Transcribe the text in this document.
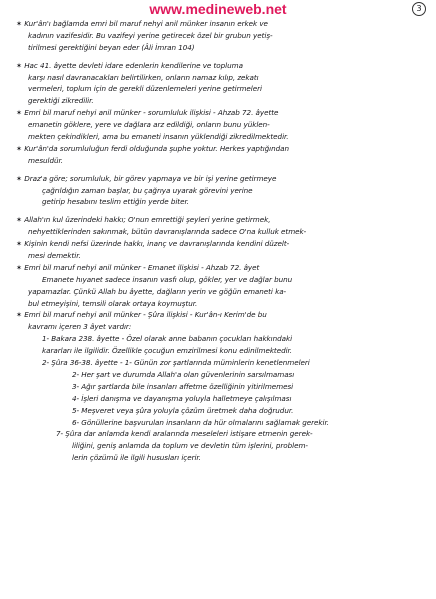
www.medineweb.net	3
✶ Kur'ân'ı bağlamda emri bil maruf nehyi anil münker insanın erkek ve
kadının vazifesidir. Bu vazifeyi yerine getirecek özel bir grubun yetiş-
tirilmesi gerektiğini beyan eder (Âli İmran 104)
✶ Hac 41. âyette devleti idare edenlerin kendilerine ve topluma
karşı nasıl davranacakları belirtilirken, onların namaz kılıp, zekatı
vermeleri, toplum için de gerekli düzenlemeleri yerine getirmeleri
gerektiği zikredilir.
✶ Emri bil maruf nehyi anil münker - sorumluluk ilişkisi - Ahzab 72. âyette
emanetin göklere, yere ve dağlara arz edildiği, onların bunu yüklen-
mekten çekindikleri, ama bu emaneti insanın yüklendiği zikredilmektedir.
✶ Kur'ân'da sorumluluğun ferdi olduğunda şuphe yoktur. Herkes yaptığından
mesuldür.
✶ Draz'a göre; sorumluluk, bir görev yapmaya ve bir işi yerine getirmeye
çağrıldığın zaman başlar, bu çağrıya uyarak görevini yerine
getirip hesabını teslim ettiğin yerde biter.
✶ Allah'ın kul üzerindeki hakkı; O'nun emrettiği şeyleri yerine getirmek,
nehyettiklerinden sakınmak, bütün davranışlarında sadece O'na kulluk etmek-
✶ Kişinin kendi nefsi üzerinde hakkı, inanç ve davranışlarında kendini düzelt-
mesi demektir.
✶ Emri bil maruf nehyi anil münker - Emanet ilişkisi - Ahzab 72. âyet
Emanete hıyanet sadece insanın vasfı olup, gökler, yer ve dağlar bunu
yapamazlar. Çünkü Allah bu âyette, dağların yerin ve göğün emaneti ka-
bul etmeyişini, temsili olarak ortaya koymuştur.
✶ Emri bil maruf nehyi anil münker - Şûra ilişkisi - Kur'ân-ı Kerim'de bu
kavramı içeren 3 âyet vardır:
1- Bakara 238. âyette - Özel olarak anne babanın çocukları hakkındaki
kararları ile ilgilidir. Özellikle çocuğun emzirilmesi konu edinilmektedir.
2- Şûra 36-38. âyette - 1- Günün zor şartlarında müminlerin kenetlenmeleri
2- Her şart ve durumda Allah'a olan güvenlerinin sarsılmaması
3- Ağır şartlarda bile insanları affetme özelliğinin yitirilmemesi
4- İşleri danışma ve dayanışma yoluyla halletmeye çalışılması
5- Meşveret veya şûra yoluyla çözüm üretmek daha doğrudur.
6- Gönüllerine başvurulan insanların da hür olmalarını sağlamak gerekir.
7- Şûra dar anlamda kendi aralarında meseleleri istişare etmenin gerek-
liliğini, geniş anlamda da toplum ve devletin tüm işlerini, problem-
lerin çözümü ile ilgili hususları içerir.
